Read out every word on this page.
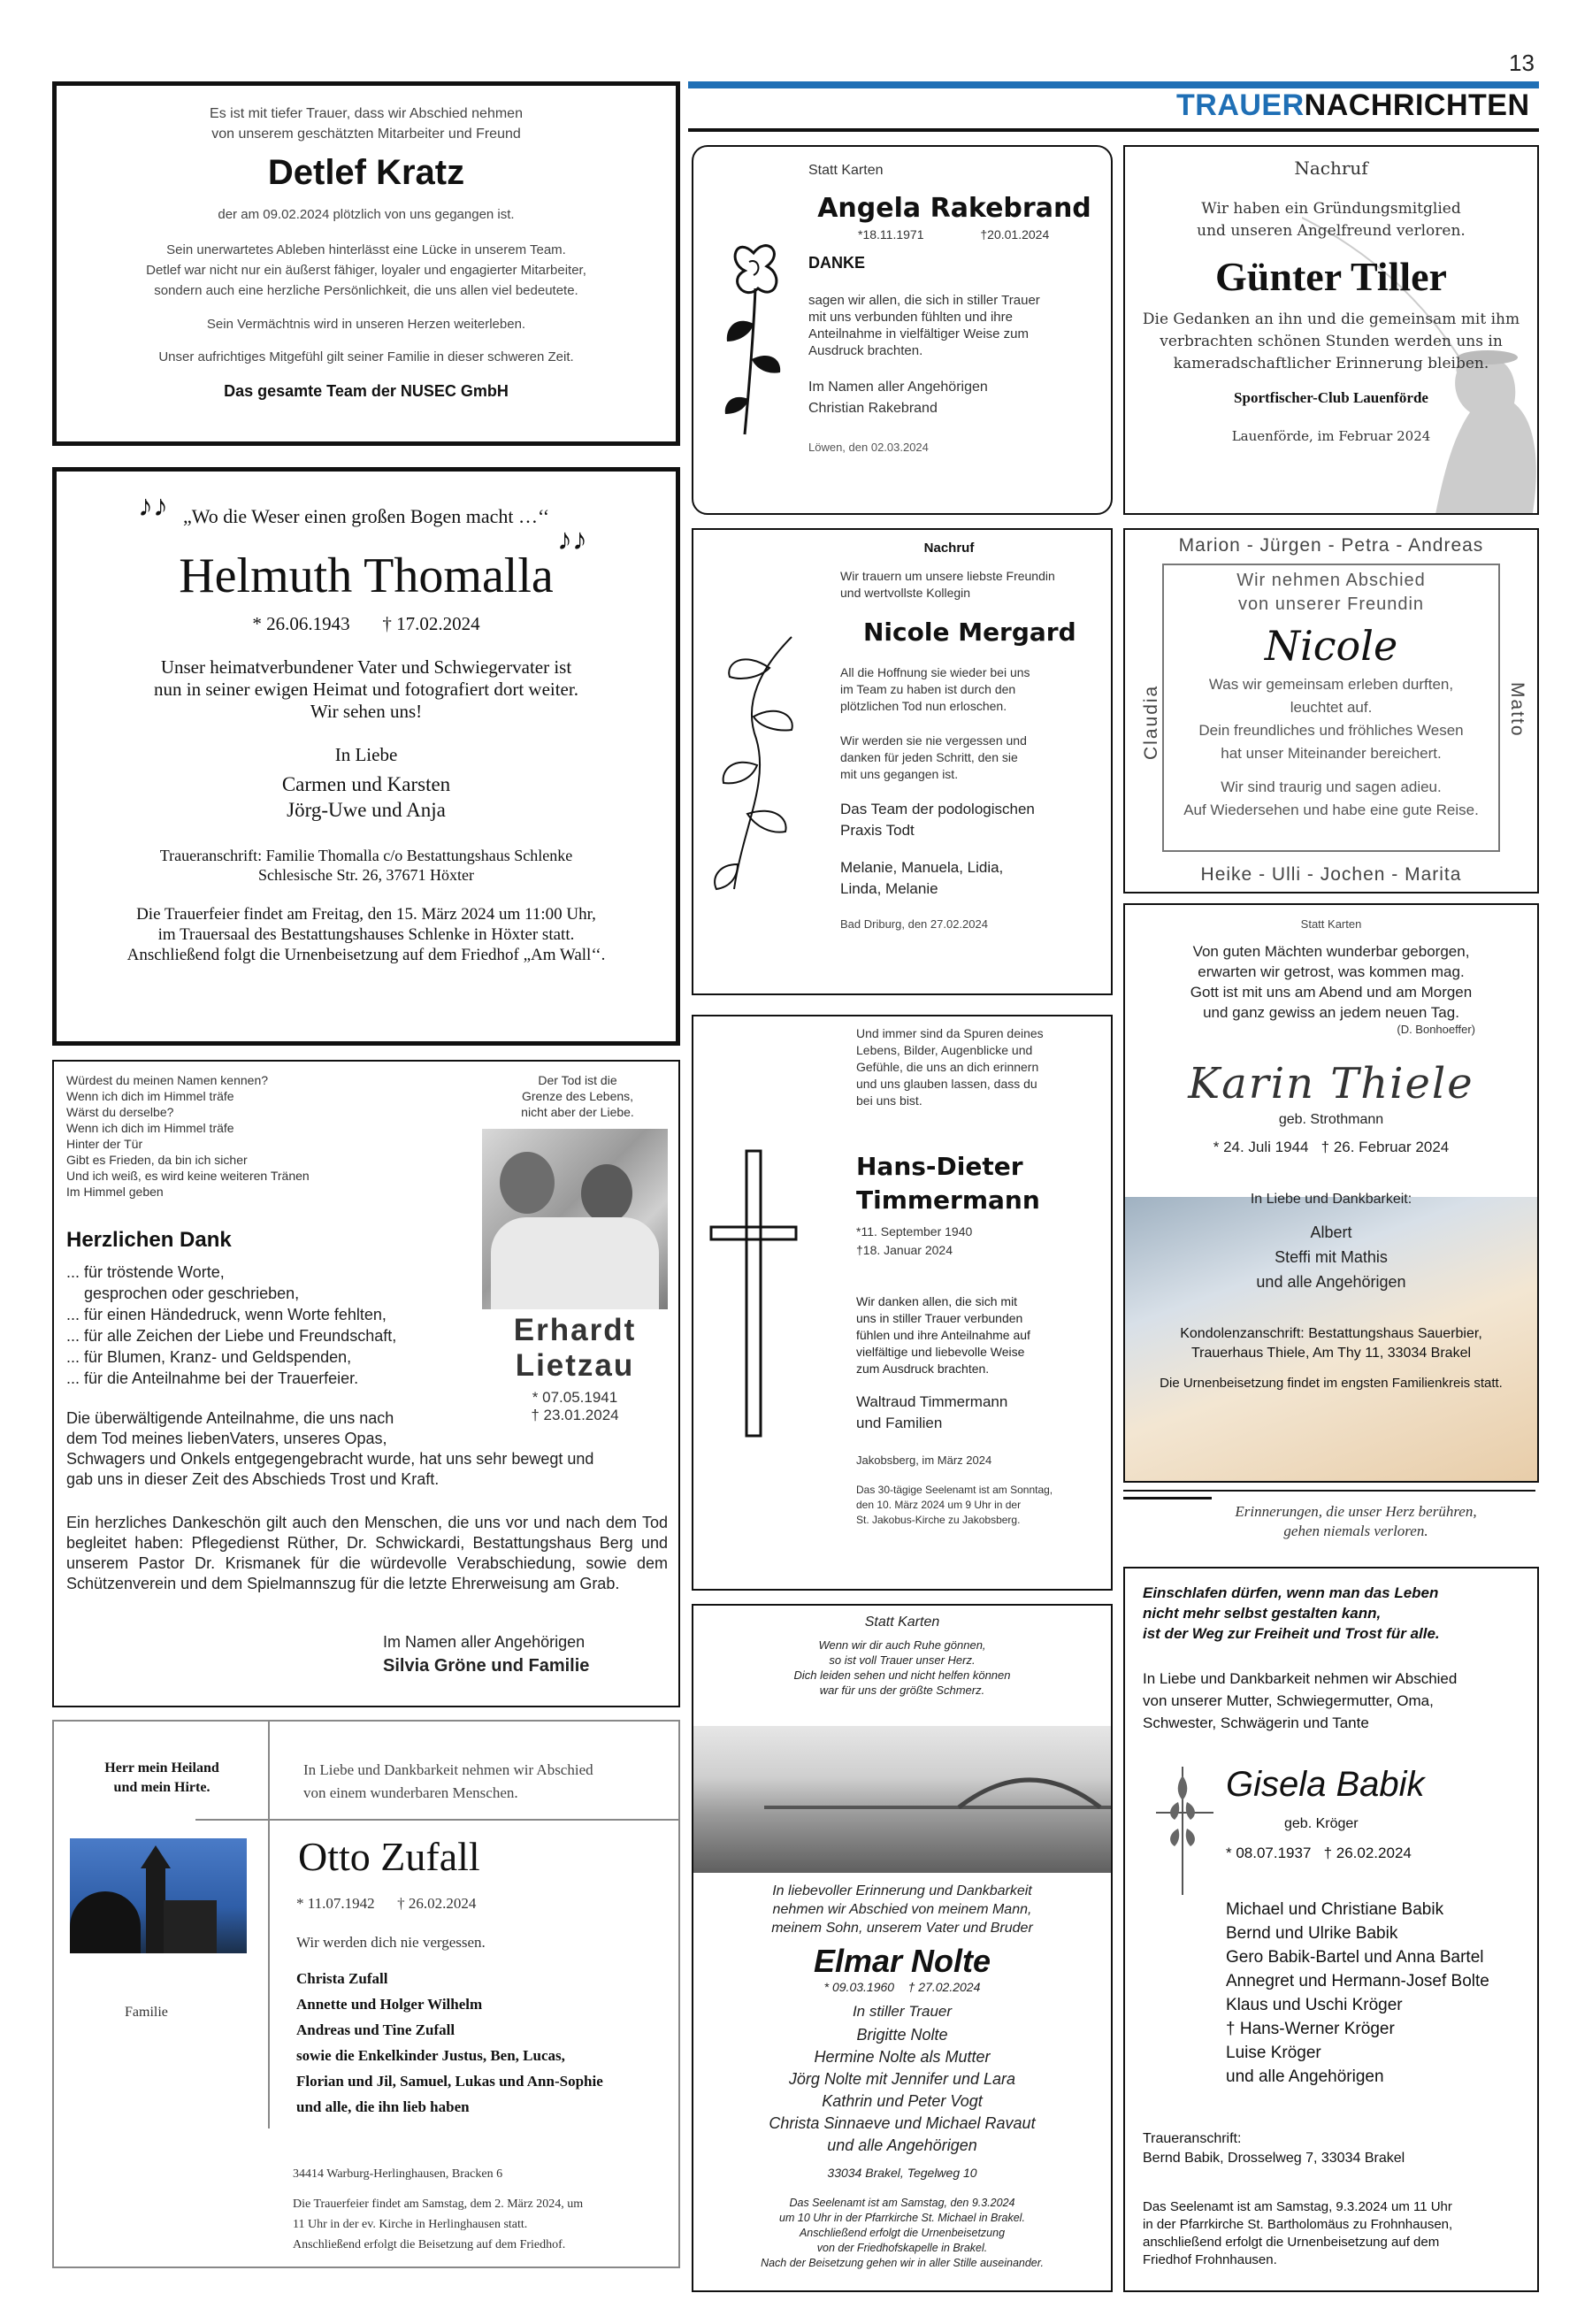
13
TRAUERNACHRICHTEN
Es ist mit tiefer Trauer, dass wir Abschied nehmen
von unserem geschätzten Mitarbeiter und Freund
Detlef Kratz
der am 09.02.2024 plötzlich von uns gegangen ist.
Sein unerwartetes Ableben hinterlässt eine Lücke in unserem Team.
Detlef war nicht nur ein äußerst fähiger, loyaler und engagierter Mitarbeiter,
sondern auch eine herzliche Persönlichkeit, die uns allen viel bedeutete.
Sein Vermächtnis wird in unseren Herzen weiterleben.
Unser aufrichtiges Mitgefühl gilt seiner Familie in dieser schweren Zeit.
Das gesamte Team der NUSEC GmbH
Statt Karten
Angela Rakebrand
*18.11.1971	†20.01.2024
DANKE
sagen wir allen, die sich in stiller Trauer
mit uns verbunden fühlten und ihre
Anteilnahme in vielfältiger Weise zum
Ausdruck brachten.
Im Namen aller Angehörigen
Christian Rakebrand
Löwen, den 02.03.2024
Nachruf
Wir haben ein Gründungsmitglied
und unseren Angelfreund verloren.
Günter Tiller
Die Gedanken an ihn und die gemeinsam mit ihm
verbrachten schönen Stunden werden uns in
kameradschaftlicher Erinnerung bleiben.
Sportfischer-Club Lauenförde
Lauenförde, im Februar 2024
♪♪
♪♪
„Wo die Weser einen großen Bogen macht …‘‘
Helmuth Thomalla
* 26.06.1943       † 17.02.2024
Unser heimatverbundener Vater und Schwiegervater ist
nun in seiner ewigen Heimat und fotografiert dort weiter.
Wir sehen uns!
In Liebe
Carmen und Karsten
Jörg-Uwe und Anja
Traueranschrift: Familie Thomalla c/o Bestattungshaus Schlenke
Schlesische Str. 26, 37671 Höxter
Die Trauerfeier findet am Freitag, den 15. März 2024 um 11:00 Uhr,
im Trauersaal des Bestattungshauses Schlenke in Höxter statt.
Anschließend folgt die Urnenbeisetzung auf dem Friedhof „Am Wall‘‘.
Nachruf
Wir trauern um unsere liebste Freundin
und wertvollste Kollegin
Nicole Mergard
All die Hoffnung sie wieder bei uns
im Team zu haben ist durch den
plötzlichen Tod nun erloschen.
Wir werden sie nie vergessen und
danken für jeden Schritt, den sie
mit uns gegangen ist.
Das Team der podologischen
Praxis Todt
Melanie, Manuela, Lidia,
Linda, Melanie
Bad Driburg, den 27.02.2024
Marion - Jürgen - Petra - Andreas
Claudia	Matto
Wir nehmen Abschied
von unserer Freundin
Nicole
Was wir gemeinsam erleben durften,
leuchtet auf.
Dein freundliches und fröhliches Wesen
hat unser Miteinander bereichert.
Wir sind traurig und sagen adieu.
Auf Wiedersehen und habe eine gute Reise.
Heike - Ulli - Jochen - Marita
Würdest du meinen Namen kennen?
Wenn ich dich im Himmel träfe
Wärst du derselbe?
Wenn ich dich im Himmel träfe
Hinter der Tür
Gibt es Frieden, da bin ich sicher
Und ich weiß, es wird keine weiteren Tränen
Im Himmel geben
Der Tod ist die
Grenze des Lebens,
nicht aber der Liebe.
Herzlichen Dank
... für tröstende Worte,
gesprochen oder geschrieben,
... für einen Händedruck, wenn Worte fehlten,
... für alle Zeichen der Liebe und Freundschaft,
... für Blumen, Kranz- und Geldspenden,
... für die Anteilnahme bei der Trauerfeier.
Erhardt
Lietzau
* 07.05.1941
† 23.01.2024
Die überwältigende Anteilnahme, die uns nach
dem Tod meines liebenVaters, unseres Opas,
Schwagers und Onkels entgegengebracht wurde, hat uns sehr bewegt und
gab uns in dieser Zeit des Abschieds Trost und Kraft.
Ein herzliches Dankeschön gilt auch den Menschen, die uns vor und nach dem Tod begleitet haben: Pflegedienst Rüther, Dr. Schwickardi, Bestattungshaus Berg und unserem Pastor Dr. Krismanek für die würdevolle Verabschiedung, sowie dem Schützenverein und dem Spielmannszug für die letzte Ehrerweisung am Grab.
Im Namen aller Angehörigen
Silvia Gröne und Familie
Und immer sind da Spuren deines
Lebens, Bilder, Augenblicke und
Gefühle, die uns an dich erinnern
und uns glauben lassen, dass du
bei uns bist.
Hans-Dieter
Timmermann
*11. September 1940
†18. Januar 2024
Wir danken allen, die sich mit
uns in stiller Trauer verbunden
fühlen und ihre Anteilnahme auf
vielfältige und liebevolle Weise
zum Ausdruck brachten.
Waltraud Timmermann
und Familien
Jakobsberg, im März 2024
Das 30-tägige Seelenamt ist am Sonntag,
den 10. März 2024 um 9 Uhr in der
St. Jakobus-Kirche zu Jakobsberg.
Statt Karten
Von guten Mächten wunderbar geborgen,
erwarten wir getrost, was kommen mag.
Gott ist mit uns am Abend und am Morgen
und ganz gewiss an jedem neuen Tag.
(D. Bonhoeffer)
Karin Thiele
geb. Strothmann
* 24. Juli 1944   † 26. Februar 2024
In Liebe und Dankbarkeit:
Albert
Steffi mit Mathis
und alle Angehörigen
Kondolenzanschrift: Bestattungshaus Sauerbier,
Trauerhaus Thiele, Am Thy 11, 33034 Brakel
Die Urnenbeisetzung findet im engsten Familienkreis statt.
Erinnerungen, die unser Herz berühren,
gehen niemals verloren.
Herr mein Heiland
und mein Hirte.
Familie
In Liebe und Dankbarkeit nehmen wir Abschied
von einem wunderbaren Menschen.
Otto Zufall
* 11.07.1942      † 26.02.2024
Wir werden dich nie vergessen.
Christa Zufall
Annette und Holger Wilhelm
Andreas und Tine Zufall
sowie die Enkelkinder Justus, Ben, Lucas,
Florian und Jil, Samuel, Lukas und Ann-Sophie
und alle, die ihn lieb haben
34414 Warburg-Herlinghausen, Bracken 6
Die Trauerfeier findet am Samstag, dem 2. März 2024, um
11 Uhr in der ev. Kirche in Herlinghausen statt.
Anschließend erfolgt die Beisetzung auf dem Friedhof.
Statt Karten
Wenn wir dir auch Ruhe gönnen,
so ist voll Trauer unser Herz.
Dich leiden sehen und nicht helfen können
war für uns der größte Schmerz.
In liebevoller Erinnerung und Dankbarkeit
nehmen wir Abschied von meinem Mann,
meinem Sohn, unserem Vater und Bruder
Elmar Nolte
* 09.03.1960    † 27.02.2024
In stiller Trauer
Brigitte Nolte
Hermine Nolte als Mutter
Jörg Nolte mit Jennifer und Lara
Kathrin und Peter Vogt
Christa Sinnaeve und Michael Ravaut
und alle Angehörigen
33034 Brakel, Tegelweg 10
Das Seelenamt ist am Samstag, den 9.3.2024
um 10 Uhr in der Pfarrkirche St. Michael in Brakel.
Anschließend erfolgt die Urnenbeisetzung
von der Friedhofskapelle in Brakel.
Nach der Beisetzung gehen wir in aller Stille auseinander.
Einschlafen dürfen, wenn man das Leben
nicht mehr selbst gestalten kann,
ist der Weg zur Freiheit und Trost für alle.
In Liebe und Dankbarkeit nehmen wir Abschied
von unserer Mutter, Schwiegermutter, Oma,
Schwester, Schwägerin und Tante
Gisela Babik
geb. Kröger
* 08.07.1937   † 26.02.2024
Michael und Christiane Babik
Bernd und Ulrike Babik
Gero Babik-Bartel und Anna Bartel
Annegret und Hermann-Josef Bolte
Klaus und Uschi Kröger
† Hans-Werner Kröger
Luise Kröger
und alle Angehörigen
Traueranschrift:
Bernd Babik, Drosselweg 7, 33034 Brakel
Das Seelenamt ist am Samstag, 9.3.2024 um 11 Uhr
in der Pfarrkirche St. Bartholomäus zu Frohnhausen,
anschließend erfolgt die Urnenbeisetzung auf dem
Friedhof Frohnhausen.
